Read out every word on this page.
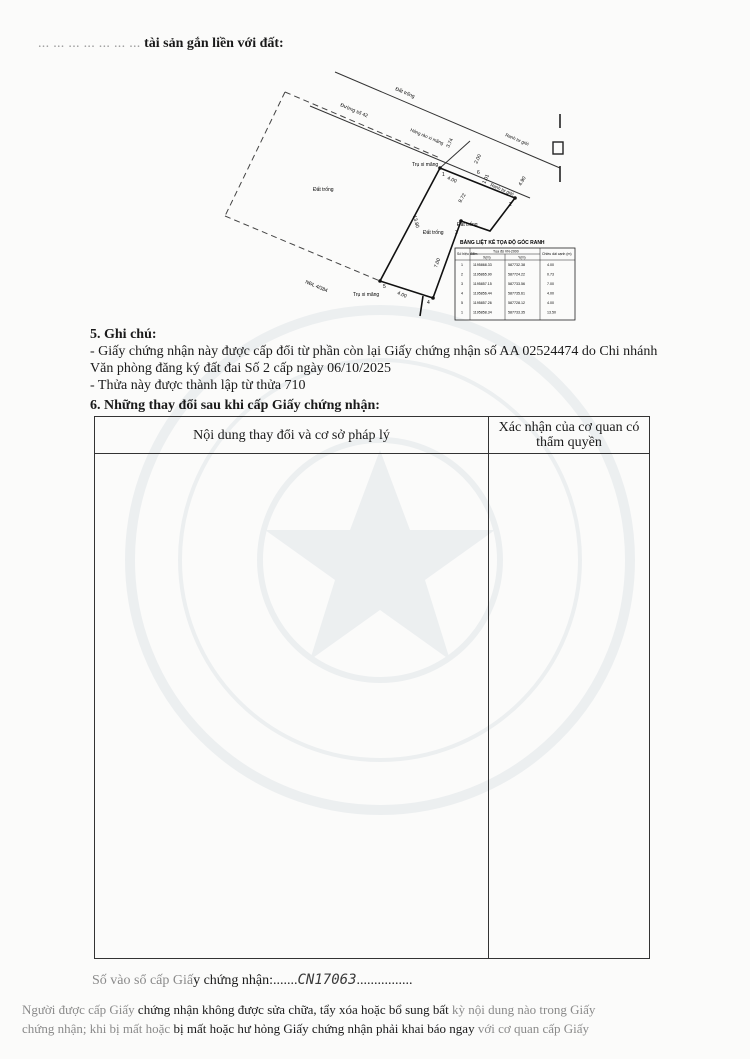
... ... ... ... ... ... ... tài sản gắn liền với đất:
Đất trống
Đường số 42
Hàng rào xi măng	Ranh tư giới
Ranh tư giới
Trụ xi măng
Trụ xi măng
Đất trống
Đất trống
Đất trống
NĐL 4/384
4.00	4.90
13.80
9.72
7.00
4.00
2.00
1.01
3.74
1
2
3
4
5
6
BẢNG LIỆT KÊ TỌA ĐỘ GÓC RANH
Số hiệu điểm
Tọa độ VN-2000
X(m)	Y(m)
Chiều dài cạnh (m)
1	1195868.33	587732.38	4.00
2	1195865.90	587724.22	0.73
3	1195857.15	587733.56	7.00
4	1195856.44	587735.61	4.00
5	1195857.26	587728.12	4.00
1	1195858.34	587733.35	13.50
5. Ghi chú:
- Giấy chứng nhận này được cấp đổi từ phần còn lại Giấy chứng nhận số AA 02524474 do Chi nhánh Văn phòng đăng ký đất đai Số 2 cấp ngày 06/10/2025
- Thửa này được thành lập từ thửa 710
6. Những thay đổi sau khi cấp Giấy chứng nhận:
Nội dung thay đổi và cơ sở pháp lý	Xác nhận của cơ quan có thẩm quyền

Số vào sổ cấp Giấy chứng nhận:.......CN17063................
Người được cấp Giấy chứng nhận không được sửa chữa, tẩy xóa hoặc bổ sung bất kỳ nội dung nào trong Giấy
chứng nhận; khi bị mất hoặc bị mất hoặc hư hỏng Giấy chứng nhận phải khai báo ngay với cơ quan cấp Giấy
